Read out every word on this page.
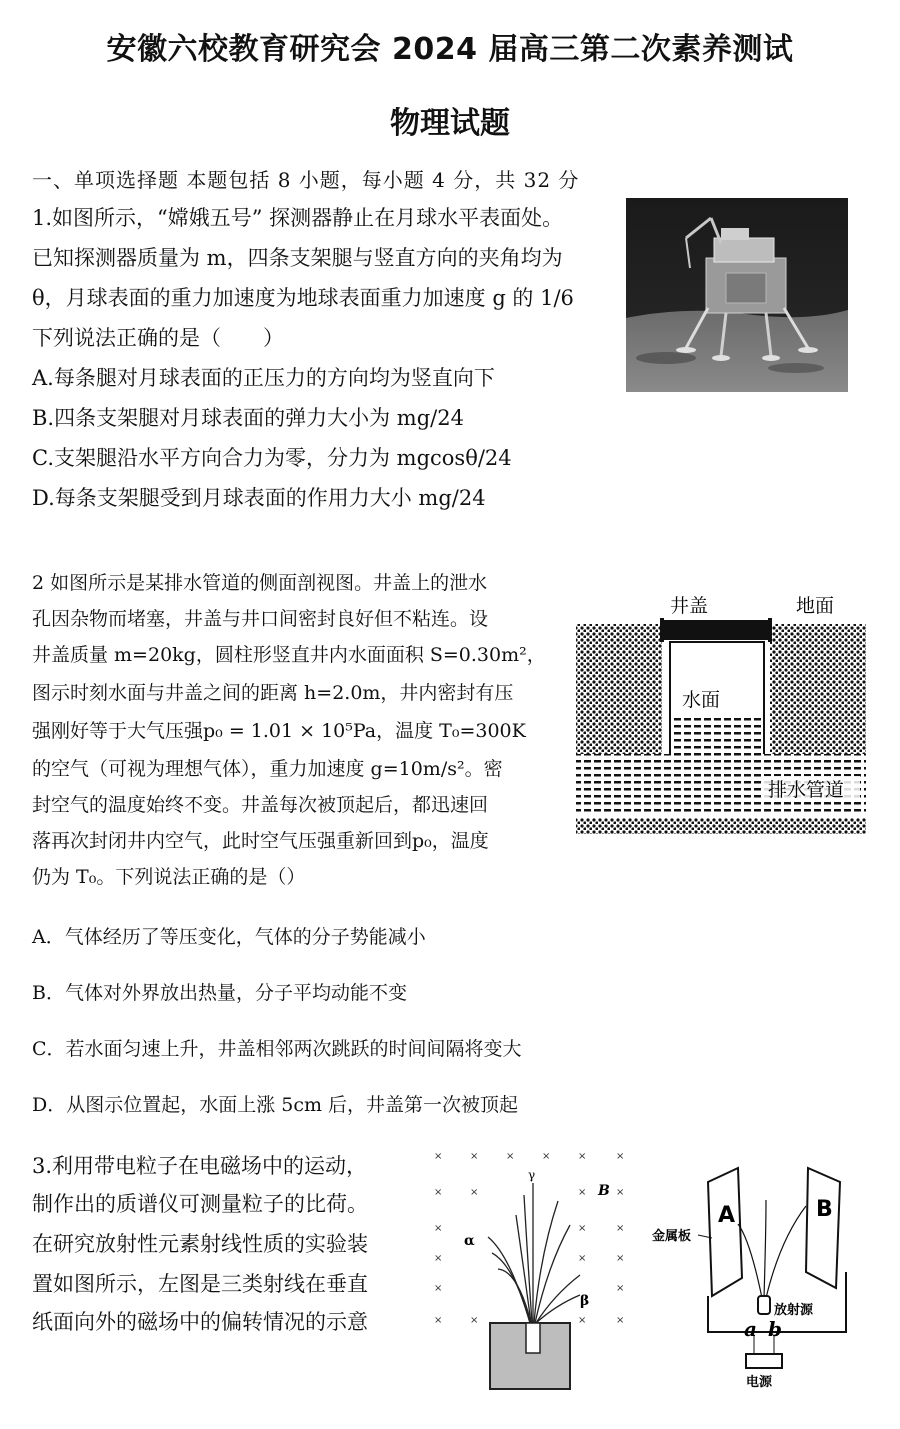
安徽六校教育研究会 2024 届高三第二次素养测试
物理试题
一、单项选择题 本题包括 8 小题，每小题 4 分，共 32 分
1.如图所示，“嫦娥五号” 探测器静止在月球水平表面处。
已知探测器质量为 m，四条支架腿与竖直方向的夹角均为
θ，月球表面的重力加速度为地球表面重力加速度 g 的 1/6
下列说法正确的是（　　）
A.每条腿对月球表面的正压力的方向均为竖直向下
B.四条支架腿对月球表面的弹力大小为 mg/24
C.支架腿沿水平方向合力为零，分力为 mgcosθ/24
D.每条支架腿受到月球表面的作用力大小 mg/24
2 如图所示是某排水管道的侧面剖视图。井盖上的泄水
孔因杂物而堵塞，井盖与井口间密封良好但不粘连。设
井盖质量 m=20kg，圆柱形竖直井内水面面积 S=0.30m²，
图示时刻水面与井盖之间的距离 h=2.0m，井内密封有压
强刚好等于大气压强p₀ = 1.01 × 10⁵Pa，温度 T₀=300K
的空气（可视为理想气体），重力加速度 g=10m/s²。密
封空气的温度始终不变。井盖每次被顶起后，都迅速回
落再次封闭井内空气，此时空气压强重新回到p₀，温度
仍为 T₀。下列说法正确的是（）
A．气体经历了等压变化，气体的分子势能减小
B．气体对外界放出热量，分子平均动能不变
C．若水面匀速上升，井盖相邻两次跳跃的时间间隔将变大
D．从图示位置起，水面上涨 5cm 后，井盖第一次被顶起
井盖	地面
水面
排水管道
3.利用带电粒子在电磁场中的运动，
制作出的质谱仪可测量粒子的比荷。
在研究放射性元素射线性质的实验装
置如图所示，左图是三类射线在垂直
纸面向外的磁场中的偏转情况的示意
×	×	×	×	×	×
×	×	×	×
×	×	×
×	×	×
×	×
×	×	×	×
B
γ
α
β
A	B
金属板
放射源
a b
电源
